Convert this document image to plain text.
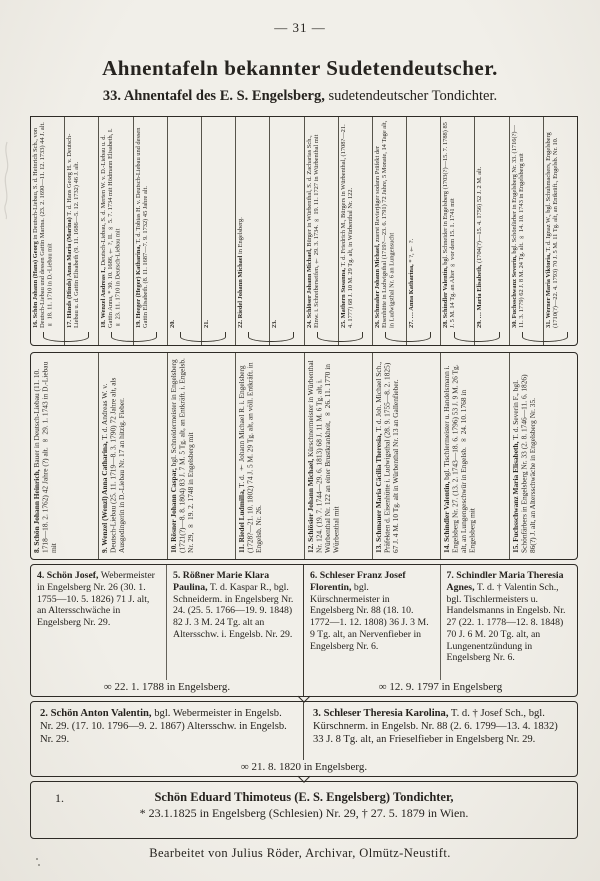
— 31 —
Ahnentafeln bekannter Sudetendeutscher.
33. Ahnentafel des E. S. Engelsberg, sudetendeutscher Tondichter.
16. Schön Johann (Hans) Georg in Deutsch-Liebau, S. d. Heinrich Sch., von Deutsch-Liebau und dessen Gattin Marina. (23. 2. 1690—11. 12. 1733) 44 J. alt. ∞ 18. 11. 1710 in D.-Liebau mit	17. Händs (Hinds) Anna Maria (Marina) T. d. Hans Georg H. v. Deutsch-Liebau u. d. Gattin Elisabeth (9. 11. 1686—5. 12. 1732) 46 J. alt.	18. Wenzel Andreas I., Deutsch-Liebau, S. d. Merten W. v. D.-Liebau u. d. Gattin Anna, * 30. 10. 1686, † ?, II. ∞ 5. 7. 1734 mit Hödmann Elisabeth, I. ∞ 23. 11. 1710 in Deutsch-Liebau mit	19. Heeger (Heger) Katharina, T. d. Tobias H. v. Deutsch-Liebau und dessen Gattin Elisabeth. (8. 11. 1687—7. 9. 1732) 45 Jahre alt.	20.	21.	22. Riedel Johann Michael in Engelsberg.
23.	24. Schlöser Johann Michael, Bürger in Würbenthal, S. d. Zacharias Sch., Einw. i. Schreiberseifen, † 29. 3. 1734. ∞ 19. 11. 1727 in Würbenthal mit	25. Mathern Susanna, T. d. Friedrich M., Bürgers in Würbenthal, (1708?—21. 4. 1777) 68 J. 10 M. 29 Tg. alt, in Würbenthal Nr. 122.	26. Schmaher Johann Michael, zuerst Revierjäger sodann Präfekt der Eisenhütte in Ludwigsthal (1719?—23. 6. 1791) 72 Jahre, 5 Monate, 14 Tage alt, in Ludwigsthal Nr. 6 an Lungensucht	27. … Anna Katharina, * ?, † ?.
28. Schindler Valentin, bgl. Schneider in Engelsberg (1703(?)—15. 7. 1788) 85 J. 5 M. 14 Tg. an Alter ∞ vor dem 15. 1. 1741 mit	29. … Maria Elisabeth, (1704(?)—15. 4. 1756) 52 J. 2 M. alt.
30. Fuchsschwanz Severin, bgl. Schönfärber in Engelsberg Nr. 33. (1716(?)—11. 3. 1779) 62 J. 8 M. 24 Tg. alt. ∞ 14. 10. 1743 in Engelsberg mit	31. Werner Maria Viktoria, T. d. Ignaz W., bgl. Schuhmachers, Engelsberg (1710(?)—22. 4. 1793) 70 J. 5 M. 11 Tg. alt, an Entkräft., Engelsb. Nr. 10.
8. Schön Johann Heinrich, Bauer in Deutsch-Liebau (11. 10. 1718—18. 2. 1762) 42 Jahre (?) alt. ∞ 29. 1. 1743 in D.-Liebau mit	9. Wenzel (Wenzl) Anna Catharina, T. d. Andreas W. v. Deutsch-Liebau (25. 11. 1719—8. 3. 1790) 72 Jahre alt, als Ausgedingerin in D.-Liebau Nr. 17 an hitzig. Fieber.	10. Rösner Johann Caspar, bgl. Schneidermeister in Engelsberg (1721(?)—8. 8. 1804) 83 J. 7 M. 5 Tg. alt, an Entkräft. i. Engelsb. Nr. 29, ∞ 19. 2. 1748 in Engelsberg mit	11. Riedel Ludmilla, T. d. † Johann Michael R. i. Engelsberg (1728?—21. 10. 1802) 74 J. 5 M. 29 Tg. alt, an völl. Entkräft. in Engelsb. Nr. 26.	12. Schlösier Johann Michael, Kürschnermeister in Würbenthal Nr. 124. (19. 7. 1744—29. 6. 1813) 68 J. 11 M. 6 Tg. alt, i. Würbenthal Nr. 122 an einer Brustkrankheit, ∞ 26. 11. 1770 in Würbenthal mit	13. Schmauer Maria Cäcilia Theresia, T. d. Joh. Michael Sch., Präfekten d. Eisenhütte i. Ludwigsthal (28. 9. 1755—8. 2. 1825) 67 J. 4 M. 10 Tg. alt in Würbenthal Nr. 13 an Gallenfieber.	14. Schindler Valentin, bgl. Tischlermeister u. Handelsmann i. Engelsberg Nr. 27. (13. 2. 1743—18. 6. 1796) 53 J. 9 M. 26 Tg. alt, an Lungengeschwür in Engelsb. ∞ 24. 10. 1768 in Engelsberg mit	15. Fuchsschwanz Maria Elisabeth, T. d. Severin F., bgl. Schönfärbers in Engelsberg Nr. 33 (2. 8. 1746—11. 6. 1826) 86(?) J. alt, an Altersschwäche in Engelsberg Nr. 35.
4. Schön Josef, Webermeister in Engelsberg Nr. 26 (30. 1. 1755—10. 5. 1826) 71 J. alt, an Altersschwäche in Engelsberg Nr. 29.
5. Rößner Marie Klara Paulina, T. d. Kaspar R., bgl. Schneiderm. in Engelsberg Nr. 24. (25. 5. 1766—19. 9. 1848) 82 J. 3 M. 24 Tg. alt an Altersschw. i. Engelsb. Nr. 29.
∞ 22. 1. 1788 in Engelsberg.
6. Schleser Franz Josef Florentin, bgl. Kürschnermeister in Engelsberg Nr. 88 (18. 10. 1772—1. 12. 1808) 36 J. 3 M. 9 Tg. alt, an Nervenfieber in Engelsberg Nr. 6.
7. Schindler Maria Theresia Agnes, T. d. † Valentin Sch., bgl. Tischlermeisters u. Handelsmanns in Engelsb. Nr. 27 (22. 1. 1778—12. 8. 1848) 70 J. 6 M. 20 Tg. alt, an Lungenentzündung in Engelsberg Nr. 6.
∞ 12. 9. 1797 in Engelsberg
2. Schön Anton Valentin, bgl. Webermeister in Engelsb. Nr. 29. (17. 10. 1796—9. 2. 1867) Altersschw. in Engelsb. Nr. 29.
3. Schleser Theresia Karolina, T. d. † Josef Sch., bgl. Kürschnerm. in Engelsb. Nr. 88 (2. 6. 1799—13. 4. 1832) 33 J. 8 Tg. alt, an Frieselfieber in Engelsberg Nr. 29.
∞ 21. 8. 1820 in Engelsberg.
1.	Schön Eduard Thimoteus (E. S. Engelsberg) Tondichter,
* 23.1.1825 in Engelsberg (Schlesien) Nr. 29, † 27. 5. 1879 in Wien.
Bearbeitet von Julius Röder, Archivar, Olmütz-Neustift.
